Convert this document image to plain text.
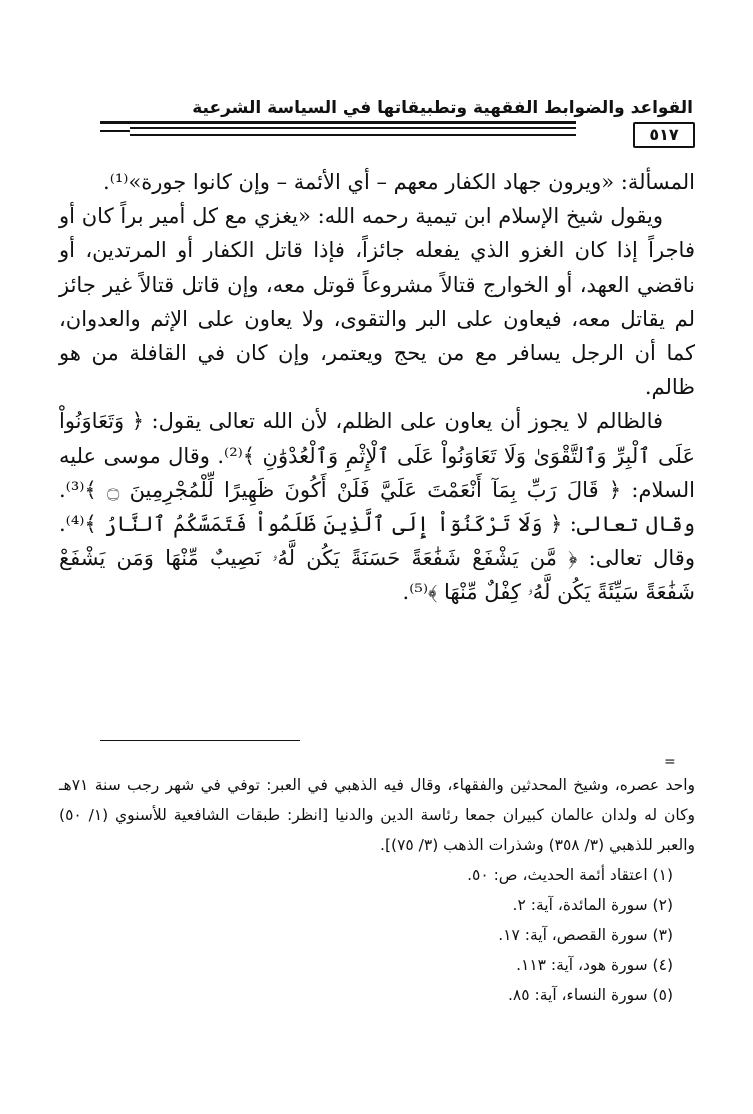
القواعد والضوابط الفقهية وتطبيقاتها في السياسة الشرعية
٥١٧

المسألة: «ويرون جهاد الكفار معهم – أي الأئمة – وإن كانوا جورة»⁽¹⁾.

ويقول شيخ الإسلام ابن تيمية رحمه الله: «يغزي مع كل أمير براً كان أو فاجراً إذا كان الغزو الذي يفعله جائزاً، فإذا قاتل الكفار أو المرتدين، أو ناقضي العهد، أو الخوارج قتالاً مشروعاً قوتل معه، وإن قاتل قتالاً غير جائز لم يقاتل معه، فيعاون على البر والتقوى، ولا يعاون على الإثم والعدوان، كما أن الرجل يسافر مع من يحج ويعتمر، وإن كان في القافلة من هو ظالم.

فالظالم لا يجوز أن يعاون على الظلم، لأن الله تعالى يقول: ﴿ وَتَعَاوَنُواْ عَلَى ٱلْبِرِّ وَٱلتَّقْوَىٰ وَلَا تَعَاوَنُواْ عَلَى ٱلْإِثْمِ وَٱلْعُدْوَٰنِ ﴾⁽²⁾. وقال موسى عليه السلام: ﴿ قَالَ رَبِّ بِمَآ أَنْعَمْتَ عَلَيَّ فَلَنْ أَكُونَ ظَهِيرًا لِّلْمُجْرِمِينَ ۝ ﴾⁽³⁾. وقال تعالى: ﴿ وَلَا تَرْكَنُوٓاْ إِلَى ٱلَّذِينَ ظَلَمُواْ فَتَمَسَّكُمُ ٱلنَّارُ ﴾⁽⁴⁾. وقال تعالى: ﴿ مَّن يَشْفَعْ شَفَٰعَةً حَسَنَةً يَكُن لَّهُۥ نَصِيبٌ مِّنْهَا وَمَن يَشْفَعْ شَفَٰعَةً سَيِّئَةً يَكُن لَّهُۥ كِفْلٌ مِّنْهَا ﴾⁽⁵⁾.

=

واحد عصره، وشيخ المحدثين والفقهاء، وقال فيه الذهبي في العبر: توفي في شهر رجب سنة ٧١هـ وكان له ولدان عالمان كبيران جمعا رئاسة الدين والدنيا [انظر: طبقات الشافعية للأسنوي (١/ ٥٠) والعبر للذهبي (٣/ ٣٥٨) وشذرات الذهب (٣/ ٧٥)].

(١) اعتقاد أئمة الحديث، ص: ٥٠.

(٢) سورة المائدة، آية: ٢.

(٣) سورة القصص، آية: ١٧.

(٤) سورة هود، آية: ١١٣.

(٥) سورة النساء، آية: ٨٥.
